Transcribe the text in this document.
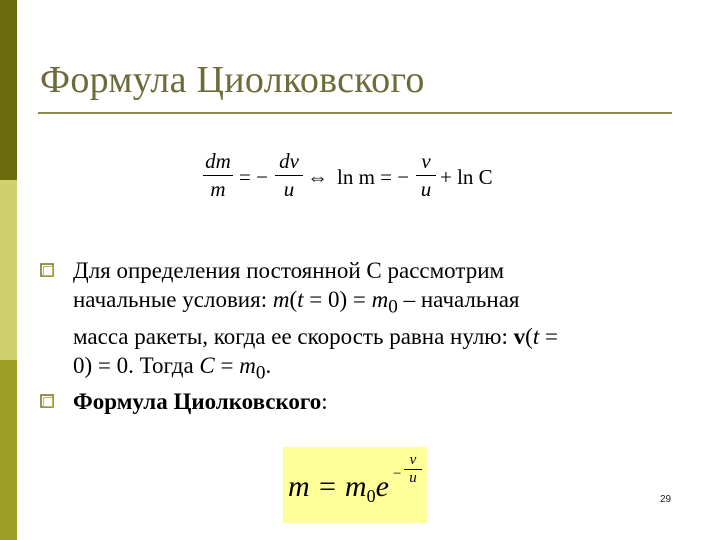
Формула Циолковского
dm
m
= −
dv
u
⇔ ln m = −
v
u
+ ln C
Для определения постоянной С рассмотрим
начальные условия: $m(t = 0) = m_0$ – начальная
масса ракеты, когда ее скорость равна нулю: v(t =
0) = 0. Тогда $C = m_0$.
Формула Циолковского:
$m = m_0e$ −
v
u
29
